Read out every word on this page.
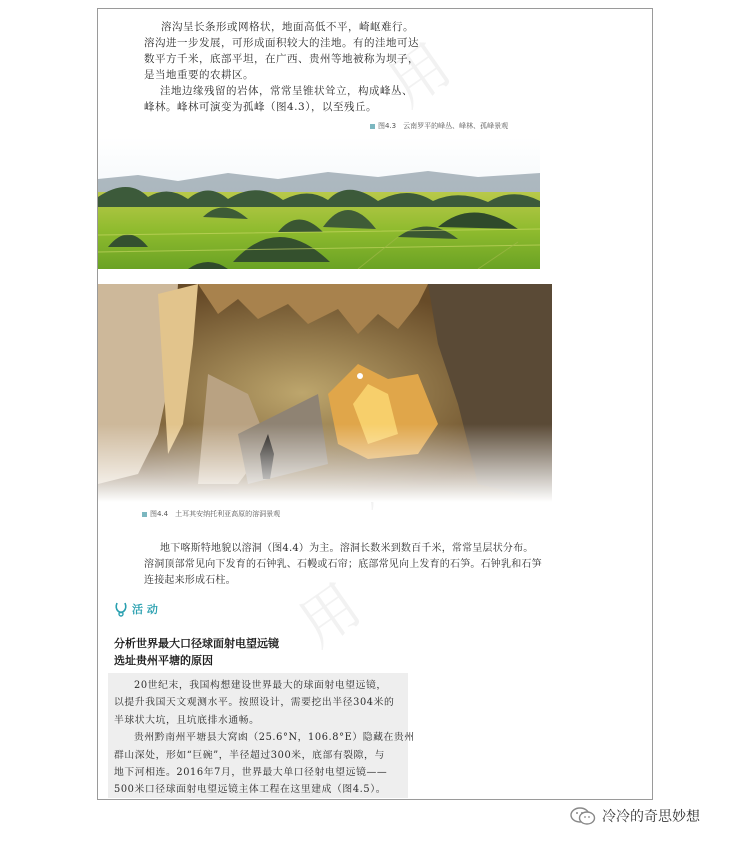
用
用

溶沟呈长条形或网格状，地面高低不平，崎岖难行。

溶沟进一步发展，可形成面积较大的洼地。有的洼地可达
数平方千米，底部平坦，在广西、贵州等地被称为坝子，
是当地重要的农耕区。

洼地边缘残留的岩体，常常呈锥状耸立，构成峰丛、
峰林。峰林可演变为孤峰（图4.3），以至残丘。

图4.3　云南罗平的峰丛、峰林、孤峰景观
图4.4　土耳其安纳托利亚高原的溶洞景观

地下喀斯特地貌以溶洞（图4.4）为主。溶洞长数米到数百千米，常常呈层状分布。
溶洞顶部常见向下发育的石钟乳、石幔或石帘；底部常见向上发育的石笋。石钟乳和石笋
连接起来形成石柱。

活 动
分析世界最大口径球面射电望远镜
选址贵州平塘的原因

20世纪末，我国构想建设世界最大的球面射电望远镜，
以提升我国天文观测水平。按照设计，需要挖出半径304米的
半球状大坑，且坑底排水通畅。
贵州黔南州平塘县大窝凼（25.6°N，106.8°E）隐藏在贵州
群山深处，形如“巨碗”，半径超过300米，底部有裂隙，与
地下河相连。2016年7月，世界最大单口径射电望远镜——
500米口径球面射电望远镜主体工程在这里建成（图4.5）。

冷冷的奇思妙想
